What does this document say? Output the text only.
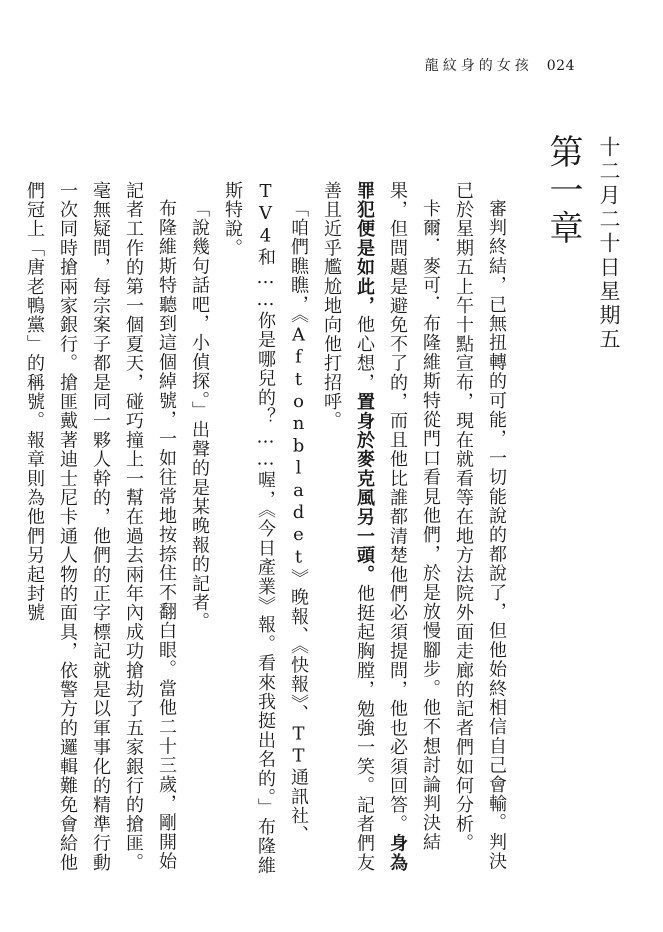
龍紋身的女孩 024
第一章 十二月二十日星期五

審判終結，已無扭轉的可能，一切能說的都說了，但他始終相信自己會輸。判決已於星期五上午十點宣布，現在就看等在地方法院外面走廊的記者們如何分析。

卡爾．麥可．布隆維斯特從門口看見他們，於是放慢腳步。他不想討論判決結果，但問題是避免不了的，而且他比誰都清楚他們必須提問，他也必須回答。身為罪犯便是如此，他心想，置身於麥克風另一頭。他挺起胸膛，勉強一笑。記者們友善且近乎尷尬地向他打招呼。

「咱們瞧瞧，《Aftonbladet》晚報、《快報》、TT通訊社、TV4和……你是哪兒的？……喔，《今日產業》報。看來我挺出名的。」布隆維斯特說。

「說幾句話吧，小偵探。」出聲的是某晚報的記者。

布隆維斯特聽到這個綽號，一如往常地按捺住不翻白眼。當他二十三歲，剛開始記者工作的第一個夏天，碰巧撞上一幫在過去兩年內成功搶劫了五家銀行的搶匪。毫無疑問，每宗案子都是同一夥人幹的，他們的正字標記就是以軍事化的精準行動一次同時搶兩家銀行。搶匪戴著迪士尼卡通人物的面具，依警方的邏輯難免會給他們冠上「唐老鴨黨」的稱號。報章則為他們另起封號
